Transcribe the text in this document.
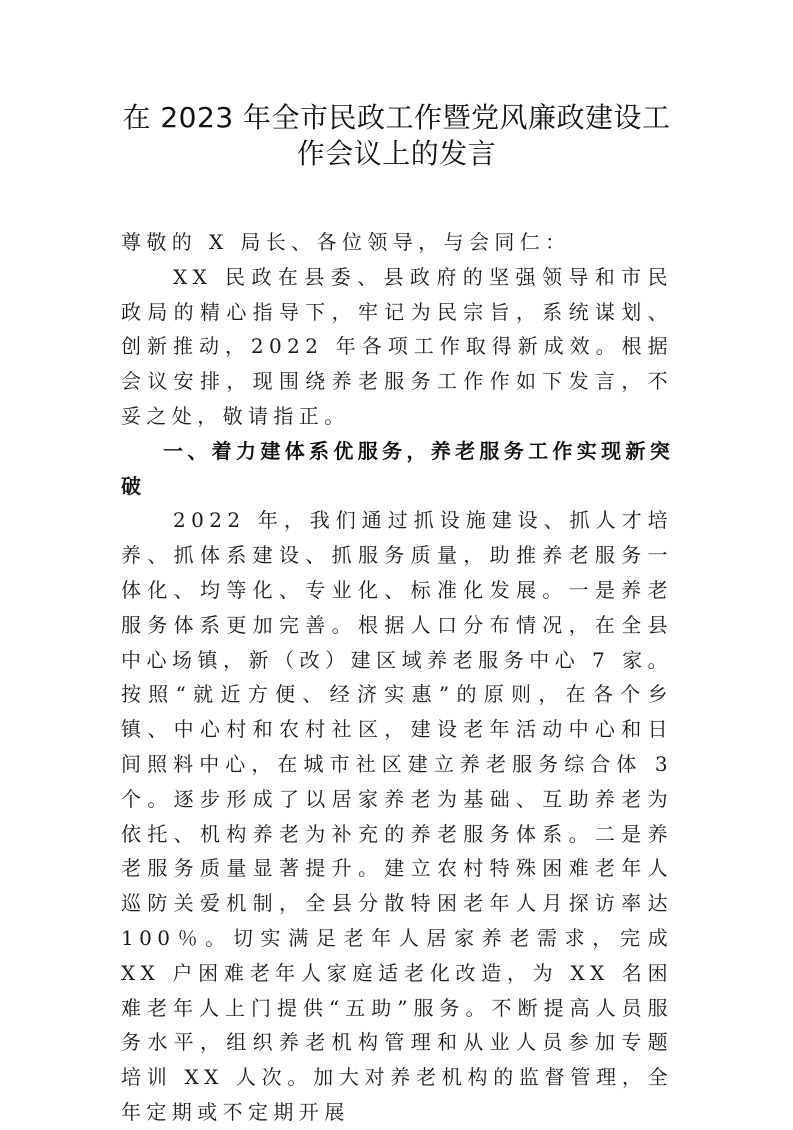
在 2023 年全市民政工作暨党风廉政建设工
作会议上的发言

尊敬的 X 局长、各位领导，与会同仁：

XX 民政在县委、县政府的坚强领导和市民政局的精心指导下，牢记为民宗旨，系统谋划、创新推动，2022 年各项工作取得新成效。根据会议安排，现围绕养老服务工作作如下发言，不妥之处，敬请指正。

一、着力建体系优服务，养老服务工作实现新突破

2022 年，我们通过抓设施建设、抓人才培养、抓体系建设、抓服务质量，助推养老服务一体化、均等化、专业化、标准化发展。一是养老服务体系更加完善。根据人口分布情况，在全县中心场镇，新（改）建区域养老服务中心 7 家。按照“就近方便、经济实惠”的原则，在各个乡镇、中心村和农村社区，建设老年活动中心和日间照料中心，在城市社区建立养老服务综合体 3 个。逐步形成了以居家养老为基础、互助养老为依托、机构养老为补充的养老服务体系。二是养老服务质量显著提升。建立农村特殊困难老年人巡防关爱机制，全县分散特困老年人月探访率达 100％。切实满足老年人居家养老需求，完成 XX 户困难老年人家庭适老化改造，为 XX 名困难老年人上门提供“五助”服务。不断提高人员服务水平，组织养老机构管理和从业人员参加专题培训 XX 人次。加大对养老机构的监督管理，全年定期或不定期开展
